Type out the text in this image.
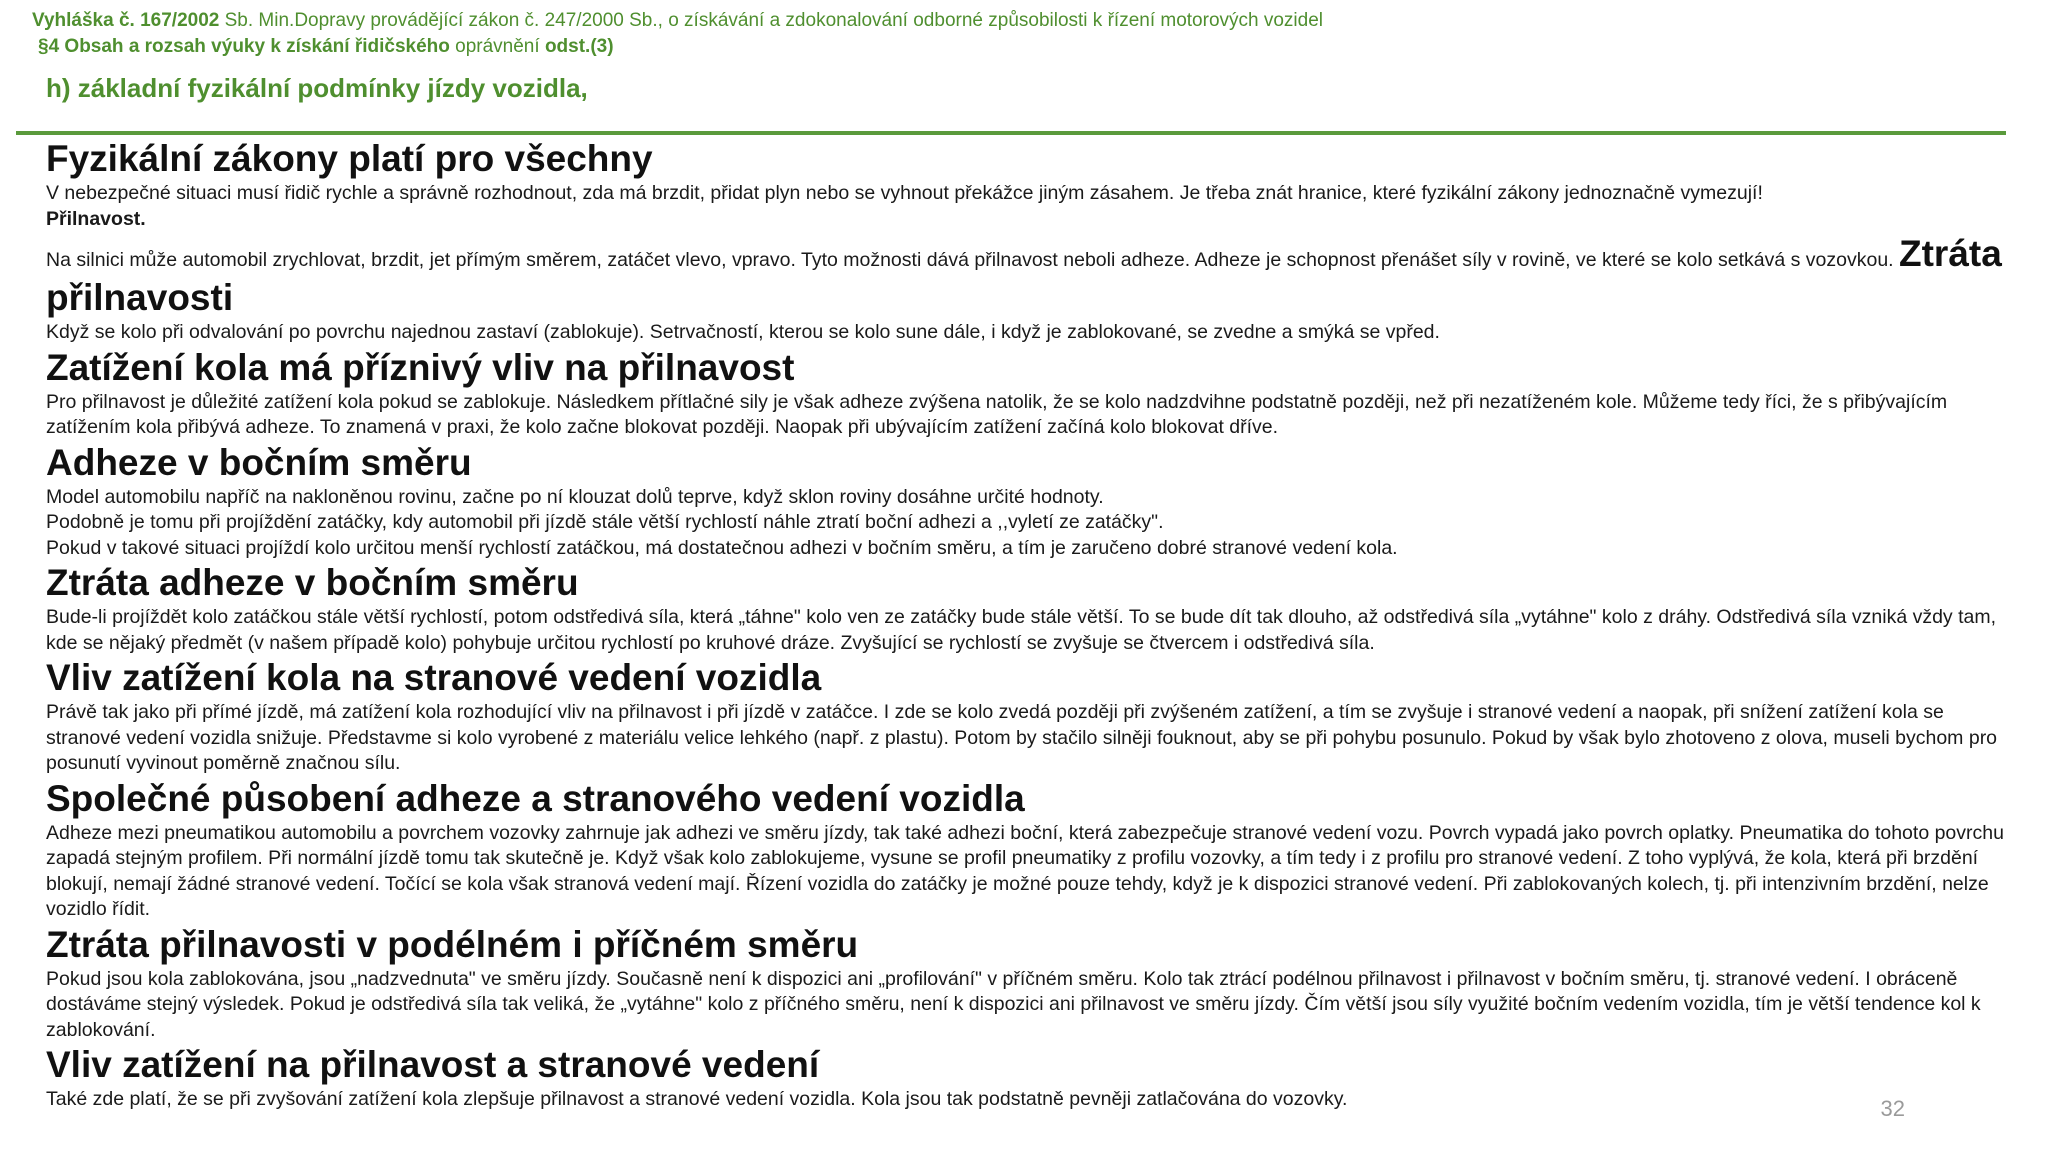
Vyhláška č. 167/2002 Sb. Min.Dopravy provádějící zákon č. 247/2000 Sb., o získávání a zdokonalování odborné způsobilosti k řízení motorových vozidel
§4 Obsah a rozsah výuky k získání řidičského oprávnění odst.(3)
h) základní fyzikální podmínky jízdy vozidla,
Fyzikální zákony platí pro všechny

V nebezpečné situaci musí řidič rychle a správně rozhodnout, zda má brzdit, přidat plyn nebo se vyhnout překážce jiným zásahem. Je třeba znát hranice, které fyzikální zákony jednoznačně vymezují!

Přilnavost.

Na silnici může automobil zrychlovat, brzdit, jet přímým směrem, zatáčet vlevo, vpravo. Tyto možnosti dává přilnavost neboli adheze. Adheze je schopnost přenášet síly v rovině, ve které se kolo setkává s vozovkou. Ztráta přilnavosti

Když se kolo při odvalování po povrchu najednou zastaví (zablokuje). Setrvačností, kterou se kolo sune dále, i když je zablokované, se zvedne a smýká se vpřed.

Zatížení kola má příznivý vliv na přilnavost

Pro přilnavost je důležité zatížení kola pokud se zablokuje. Následkem přítlačné sily je však adheze zvýšena natolik, že se kolo nadzdvihne podstatně později, než při nezatíženém kole. Můžeme tedy říci, že s přibývajícím zatížením kola přibývá adheze. To znamená v praxi, že kolo začne blokovat později. Naopak při ubývajícím zatížení začíná kolo blokovat dříve.

Adheze v bočním směru

Model automobilu napříč na nakloněnou rovinu, začne po ní klouzat dolů teprve, když sklon roviny dosáhne určité hodnoty.

Podobně je tomu při projíždění zatáčky, kdy automobil při jízdě stále větší rychlostí náhle ztratí boční adhezi a ,,vyletí ze zatáčky".

Pokud v takové situaci projíždí kolo určitou menší rychlostí zatáčkou, má dostatečnou adhezi v bočním směru, a tím je zaručeno dobré stranové vedení kola.

Ztráta adheze v bočním směru

Bude-li projíždět kolo zatáčkou stále větší rychlostí, potom odstředivá síla, která „táhne" kolo ven ze zatáčky bude stále větší. To se bude dít tak dlouho, až odstředivá síla „vytáhne" kolo z dráhy. Odstředivá síla vzniká vždy tam, kde se nějaký předmět (v našem případě kolo) pohybuje určitou rychlostí po kruhové dráze. Zvyšující se rychlostí se zvyšuje se čtvercem i odstředivá síla.

Vliv zatížení kola na stranové vedení vozidla

Právě tak jako při přímé jízdě, má zatížení kola rozhodující vliv na přilnavost i při jízdě v zatáčce. I zde se kolo zvedá později při zvýšeném zatížení, a tím se zvyšuje i stranové vedení a naopak, při snížení zatížení kola se stranové vedení vozidla snižuje. Představme si kolo vyrobené z materiálu velice lehkého (např. z plastu). Potom by stačilo silněji fouknout, aby se při pohybu posunulo. Pokud by však bylo zhotoveno z olova, museli bychom pro posunutí vyvinout poměrně značnou sílu.

Společné působení adheze a stranového vedení vozidla

Adheze mezi pneumatikou automobilu a povrchem vozovky zahrnuje jak adhezi ve směru jízdy, tak také adhezi boční, která zabezpečuje stranové vedení vozu. Povrch vypadá jako povrch oplatky. Pneumatika do tohoto povrchu zapadá stejným profilem. Při normální jízdě tomu tak skutečně je. Když však kolo zablokujeme, vysune se profil pneumatiky z profilu vozovky, a tím tedy i z profilu pro stranové vedení. Z toho vyplývá, že kola, která při brzdění blokují, nemají žádné stranové vedení. Točící se kola však stranová vedení mají. Řízení vozidla do zatáčky je možné pouze tehdy, když je k dispozici stranové vedení. Při zablokovaných kolech, tj. při intenzivním brzdění, nelze vozidlo řídit.

Ztráta přilnavosti v podélném i příčném směru

Pokud jsou kola zablokována, jsou „nadzvednuta" ve směru jízdy. Současně není k dispozici ani „profilování" v příčném směru. Kolo tak ztrácí podélnou přilnavost i přilnavost v bočním směru, tj. stranové vedení. I obráceně dostáváme stejný výsledek. Pokud je odstředivá síla tak veliká, že „vytáhne" kolo z příčného směru, není k dispozici ani přilnavost ve směru jízdy. Čím větší jsou síly využité bočním vedením vozidla, tím je větší tendence kol k zablokování.

Vliv zatížení na přilnavost a stranové vedení

Také zde platí, že se při zvyšování zatížení kola zlepšuje přilnavost a stranové vedení vozidla. Kola jsou tak podstatně pevněji zatlačována do vozovky.	32
